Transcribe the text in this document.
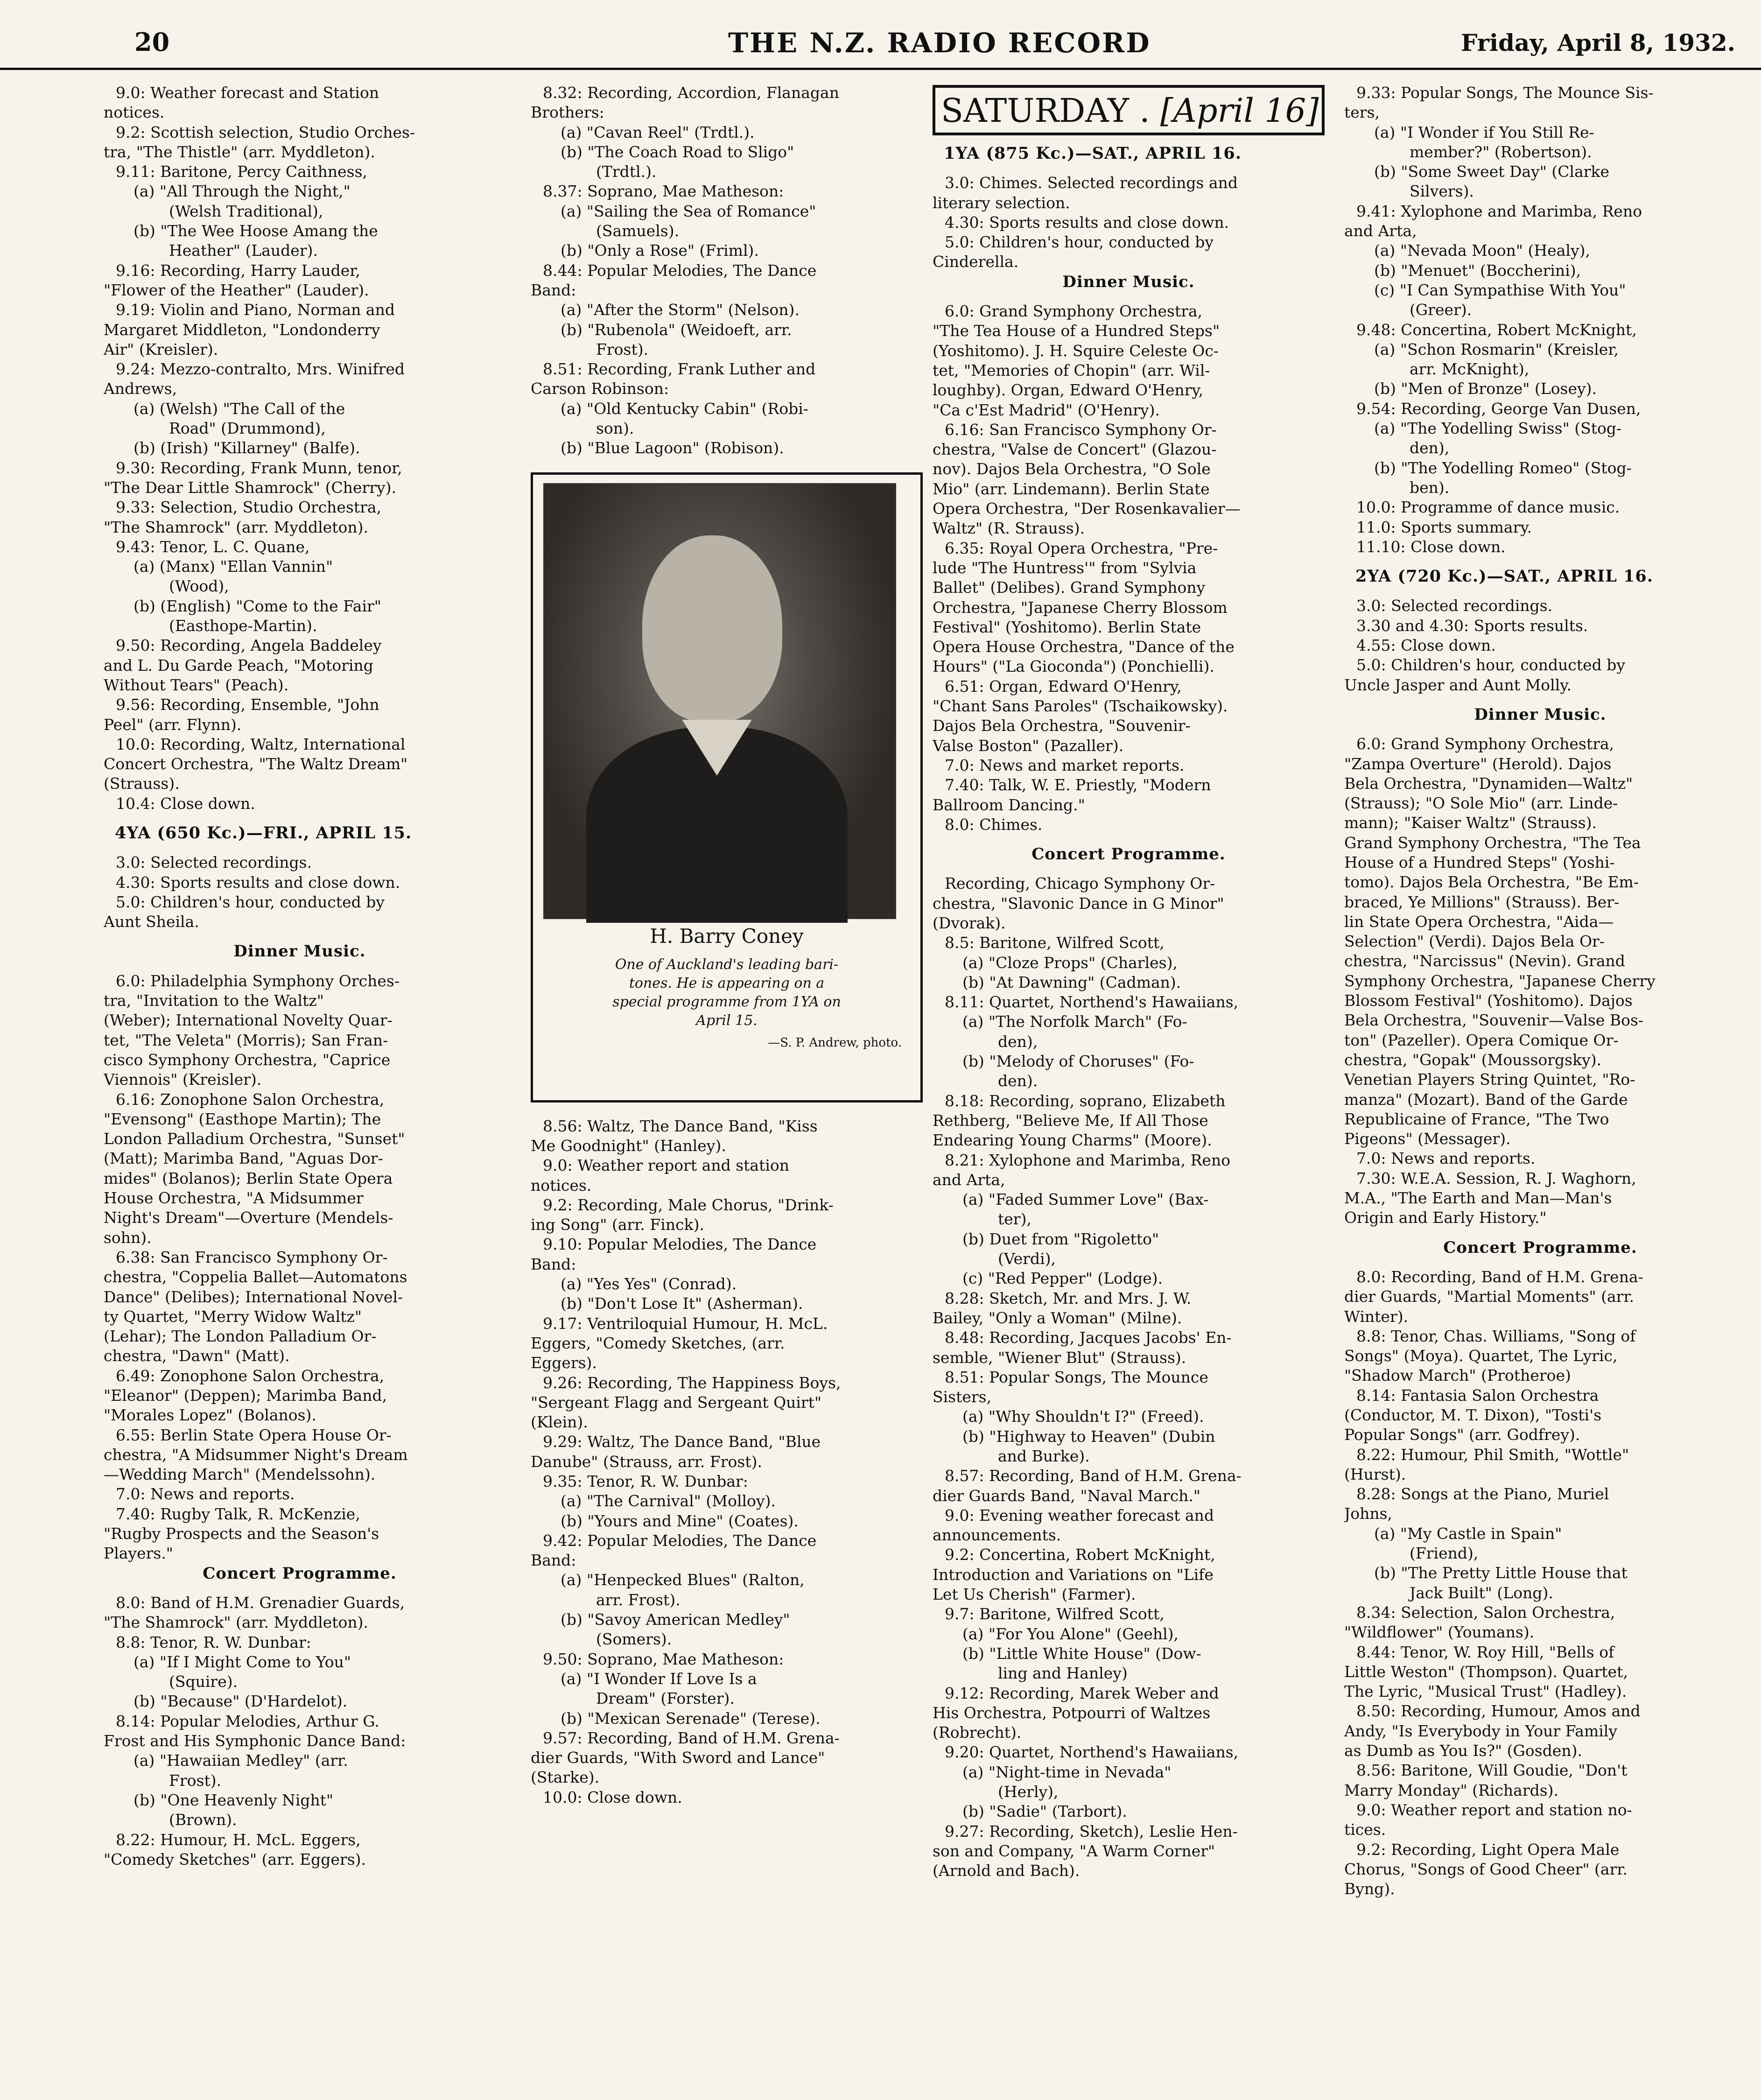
20	THE N.Z. RADIO RECORD	Friday, April 8, 1932.
9.0: Weather forecast and Station
notices.
9.2: Scottish selection, Studio Orches-
tra, "The Thistle" (arr. Myddleton).
9.11: Baritone, Percy Caithness,
(a) "All Through the Night,"
(Welsh Traditional),
(b) "The Wee Hoose Amang the
Heather" (Lauder).
9.16: Recording, Harry Lauder,
"Flower of the Heather" (Lauder).
9.19: Violin and Piano, Norman and
Margaret Middleton, "Londonderry
Air" (Kreisler).
9.24: Mezzo-contralto, Mrs. Winifred
Andrews,
(a) (Welsh) "The Call of the
Road" (Drummond),
(b) (Irish) "Killarney" (Balfe).
9.30: Recording, Frank Munn, tenor,
"The Dear Little Shamrock" (Cherry).
9.33: Selection, Studio Orchestra,
"The Shamrock" (arr. Myddleton).
9.43: Tenor, L. C. Quane,
(a) (Manx) "Ellan Vannin"
(Wood),
(b) (English) "Come to the Fair"
(Easthope-Martin).
9.50: Recording, Angela Baddeley
and L. Du Garde Peach, "Motoring
Without Tears" (Peach).
9.56: Recording, Ensemble, "John
Peel" (arr. Flynn).
10.0: Recording, Waltz, International
Concert Orchestra, "The Waltz Dream"
(Strauss).
10.4: Close down.
4YA (650 Kc.)—FRI., APRIL 15.
3.0: Selected recordings.
4.30: Sports results and close down.
5.0: Children's hour, conducted by
Aunt Sheila.
Dinner Music.
6.0: Philadelphia Symphony Orches-
tra, "Invitation to the Waltz"
(Weber); International Novelty Quar-
tet, "The Veleta" (Morris); San Fran-
cisco Symphony Orchestra, "Caprice
Viennois" (Kreisler).
6.16: Zonophone Salon Orchestra,
"Evensong" (Easthope Martin); The
London Palladium Orchestra, "Sunset"
(Matt); Marimba Band, "Aguas Dor-
mides" (Bolanos); Berlin State Opera
House Orchestra, "A Midsummer
Night's Dream"—Overture (Mendels-
sohn).
6.38: San Francisco Symphony Or-
chestra, "Coppelia Ballet—Automatons
Dance" (Delibes); International Novel-
ty Quartet, "Merry Widow Waltz"
(Lehar); The London Palladium Or-
chestra, "Dawn" (Matt).
6.49: Zonophone Salon Orchestra,
"Eleanor" (Deppen); Marimba Band,
"Morales Lopez" (Bolanos).
6.55: Berlin State Opera House Or-
chestra, "A Midsummer Night's Dream
—Wedding March" (Mendelssohn).
7.0: News and reports.
7.40: Rugby Talk, R. McKenzie,
"Rugby Prospects and the Season's
Players."
Concert Programme.
8.0: Band of H.M. Grenadier Guards,
"The Shamrock" (arr. Myddleton).
8.8: Tenor, R. W. Dunbar:
(a) "If I Might Come to You"
(Squire).
(b) "Because" (D'Hardelot).
8.14: Popular Melodies, Arthur G.
Frost and His Symphonic Dance Band:
(a) "Hawaiian Medley" (arr.
Frost).
(b) "One Heavenly Night"
(Brown).
8.22: Humour, H. McL. Eggers,
"Comedy Sketches" (arr. Eggers).
8.32: Recording, Accordion, Flanagan
Brothers:
(a) "Cavan Reel" (Trdtl.).
(b) "The Coach Road to Sligo"
(Trdtl.).
8.37: Soprano, Mae Matheson:
(a) "Sailing the Sea of Romance"
(Samuels).
(b) "Only a Rose" (Friml).
8.44: Popular Melodies, The Dance
Band:
(a) "After the Storm" (Nelson).
(b) "Rubenola" (Weidoeft, arr.
Frost).
8.51: Recording, Frank Luther and
Carson Robinson:
(a) "Old Kentucky Cabin" (Robi-
son).
(b) "Blue Lagoon" (Robison).
H. Barry Coney
One of Auckland's leading bari-
tones. He is appearing on a
special programme from 1YA on
April 15.
—S. P. Andrew, photo.
8.56: Waltz, The Dance Band, "Kiss
Me Goodnight" (Hanley).
9.0: Weather report and station
notices.
9.2: Recording, Male Chorus, "Drink-
ing Song" (arr. Finck).
9.10: Popular Melodies, The Dance
Band:
(a) "Yes Yes" (Conrad).
(b) "Don't Lose It" (Asherman).
9.17: Ventriloquial Humour, H. McL.
Eggers, "Comedy Sketches, (arr.
Eggers).
9.26: Recording, The Happiness Boys,
"Sergeant Flagg and Sergeant Quirt"
(Klein).
9.29: Waltz, The Dance Band, "Blue
Danube" (Strauss, arr. Frost).
9.35: Tenor, R. W. Dunbar:
(a) "The Carnival" (Molloy).
(b) "Yours and Mine" (Coates).
9.42: Popular Melodies, The Dance
Band:
(a) "Henpecked Blues" (Ralton,
arr. Frost).
(b) "Savoy American Medley"
(Somers).
9.50: Soprano, Mae Matheson:
(a) "I Wonder If Love Is a
Dream" (Forster).
(b) "Mexican Serenade" (Terese).
9.57: Recording, Band of H.M. Grena-
dier Guards, "With Sword and Lance"
(Starke).
10.0: Close down.
SATURDAY . [April 16]
1YA (875 Kc.)—SAT., APRIL 16.
3.0: Chimes. Selected recordings and
literary selection.
4.30: Sports results and close down.
5.0: Children's hour, conducted by
Cinderella.
Dinner Music.
6.0: Grand Symphony Orchestra,
"The Tea House of a Hundred Steps"
(Yoshitomo). J. H. Squire Celeste Oc-
tet, "Memories of Chopin" (arr. Wil-
loughby). Organ, Edward O'Henry,
"Ca c'Est Madrid" (O'Henry).
6.16: San Francisco Symphony Or-
chestra, "Valse de Concert" (Glazou-
nov). Dajos Bela Orchestra, "O Sole
Mio" (arr. Lindemann). Berlin State
Opera Orchestra, "Der Rosenkavalier—
Waltz" (R. Strauss).
6.35: Royal Opera Orchestra, "Pre-
lude "The Huntress'" from "Sylvia
Ballet" (Delibes). Grand Symphony
Orchestra, "Japanese Cherry Blossom
Festival" (Yoshitomo). Berlin State
Opera House Orchestra, "Dance of the
Hours" ("La Gioconda") (Ponchielli).
6.51: Organ, Edward O'Henry,
"Chant Sans Paroles" (Tschaikowsky).
Dajos Bela Orchestra, "Souvenir-
Valse Boston" (Pazaller).
7.0: News and market reports.
7.40: Talk, W. E. Priestly, "Modern
Ballroom Dancing."
8.0: Chimes.
Concert Programme.
Recording, Chicago Symphony Or-
chestra, "Slavonic Dance in G Minor"
(Dvorak).
8.5: Baritone, Wilfred Scott,
(a) "Cloze Props" (Charles),
(b) "At Dawning" (Cadman).
8.11: Quartet, Northend's Hawaiians,
(a) "The Norfolk March" (Fo-
den),
(b) "Melody of Choruses" (Fo-
den).
8.18: Recording, soprano, Elizabeth
Rethberg, "Believe Me, If All Those
Endearing Young Charms" (Moore).
8.21: Xylophone and Marimba, Reno
and Arta,
(a) "Faded Summer Love" (Bax-
ter),
(b) Duet from "Rigoletto"
(Verdi),
(c) "Red Pepper" (Lodge).
8.28: Sketch, Mr. and Mrs. J. W.
Bailey, "Only a Woman" (Milne).
8.48: Recording, Jacques Jacobs' En-
semble, "Wiener Blut" (Strauss).
8.51: Popular Songs, The Mounce
Sisters,
(a) "Why Shouldn't I?" (Freed).
(b) "Highway to Heaven" (Dubin
and Burke).
8.57: Recording, Band of H.M. Grena-
dier Guards Band, "Naval March."
9.0: Evening weather forecast and
announcements.
9.2: Concertina, Robert McKnight,
Introduction and Variations on "Life
Let Us Cherish" (Farmer).
9.7: Baritone, Wilfred Scott,
(a) "For You Alone" (Geehl),
(b) "Little White House" (Dow-
ling and Hanley)
9.12: Recording, Marek Weber and
His Orchestra, Potpourri of Waltzes
(Robrecht).
9.20: Quartet, Northend's Hawaiians,
(a) "Night-time in Nevada"
(Herly),
(b) "Sadie" (Tarbort).
9.27: Recording, Sketch), Leslie Hen-
son and Company, "A Warm Corner"
(Arnold and Bach).
9.33: Popular Songs, The Mounce Sis-
ters,
(a) "I Wonder if You Still Re-
member?" (Robertson).
(b) "Some Sweet Day" (Clarke
Silvers).
9.41: Xylophone and Marimba, Reno
and Arta,
(a) "Nevada Moon" (Healy),
(b) "Menuet" (Boccherini),
(c) "I Can Sympathise With You"
(Greer).
9.48: Concertina, Robert McKnight,
(a) "Schon Rosmarin" (Kreisler,
arr. McKnight),
(b) "Men of Bronze" (Losey).
9.54: Recording, George Van Dusen,
(a) "The Yodelling Swiss" (Stog-
den),
(b) "The Yodelling Romeo" (Stog-
ben).
10.0: Programme of dance music.
11.0: Sports summary.
11.10: Close down.
2YA (720 Kc.)—SAT., APRIL 16.
3.0: Selected recordings.
3.30 and 4.30: Sports results.
4.55: Close down.
5.0: Children's hour, conducted by
Uncle Jasper and Aunt Molly.
Dinner Music.
6.0: Grand Symphony Orchestra,
"Zampa Overture" (Herold). Dajos
Bela Orchestra, "Dynamiden—Waltz"
(Strauss); "O Sole Mio" (arr. Linde-
mann); "Kaiser Waltz" (Strauss).
Grand Symphony Orchestra, "The Tea
House of a Hundred Steps" (Yoshi-
tomo). Dajos Bela Orchestra, "Be Em-
braced, Ye Millions" (Strauss). Ber-
lin State Opera Orchestra, "Aida—
Selection" (Verdi). Dajos Bela Or-
chestra, "Narcissus" (Nevin). Grand
Symphony Orchestra, "Japanese Cherry
Blossom Festival" (Yoshitomo). Dajos
Bela Orchestra, "Souvenir—Valse Bos-
ton" (Pazeller). Opera Comique Or-
chestra, "Gopak" (Moussorgsky).
Venetian Players String Quintet, "Ro-
manza" (Mozart). Band of the Garde
Republicaine of France, "The Two
Pigeons" (Messager).
7.0: News and reports.
7.30: W.E.A. Session, R. J. Waghorn,
M.A., "The Earth and Man—Man's
Origin and Early History."
Concert Programme.
8.0: Recording, Band of H.M. Grena-
dier Guards, "Martial Moments" (arr.
Winter).
8.8: Tenor, Chas. Williams, "Song of
Songs" (Moya). Quartet, The Lyric,
"Shadow March" (Protheroe)
8.14: Fantasia Salon Orchestra
(Conductor, M. T. Dixon), "Tosti's
Popular Songs" (arr. Godfrey).
8.22: Humour, Phil Smith, "Wottle"
(Hurst).
8.28: Songs at the Piano, Muriel
Johns,
(a) "My Castle in Spain"
(Friend),
(b) "The Pretty Little House that
Jack Built" (Long).
8.34: Selection, Salon Orchestra,
"Wildflower" (Youmans).
8.44: Tenor, W. Roy Hill, "Bells of
Little Weston" (Thompson). Quartet,
The Lyric, "Musical Trust" (Hadley).
8.50: Recording, Humour, Amos and
Andy, "Is Everybody in Your Family
as Dumb as You Is?" (Gosden).
8.56: Baritone, Will Goudie, "Don't
Marry Monday" (Richards).
9.0: Weather report and station no-
tices.
9.2: Recording, Light Opera Male
Chorus, "Songs of Good Cheer" (arr.
Byng).
